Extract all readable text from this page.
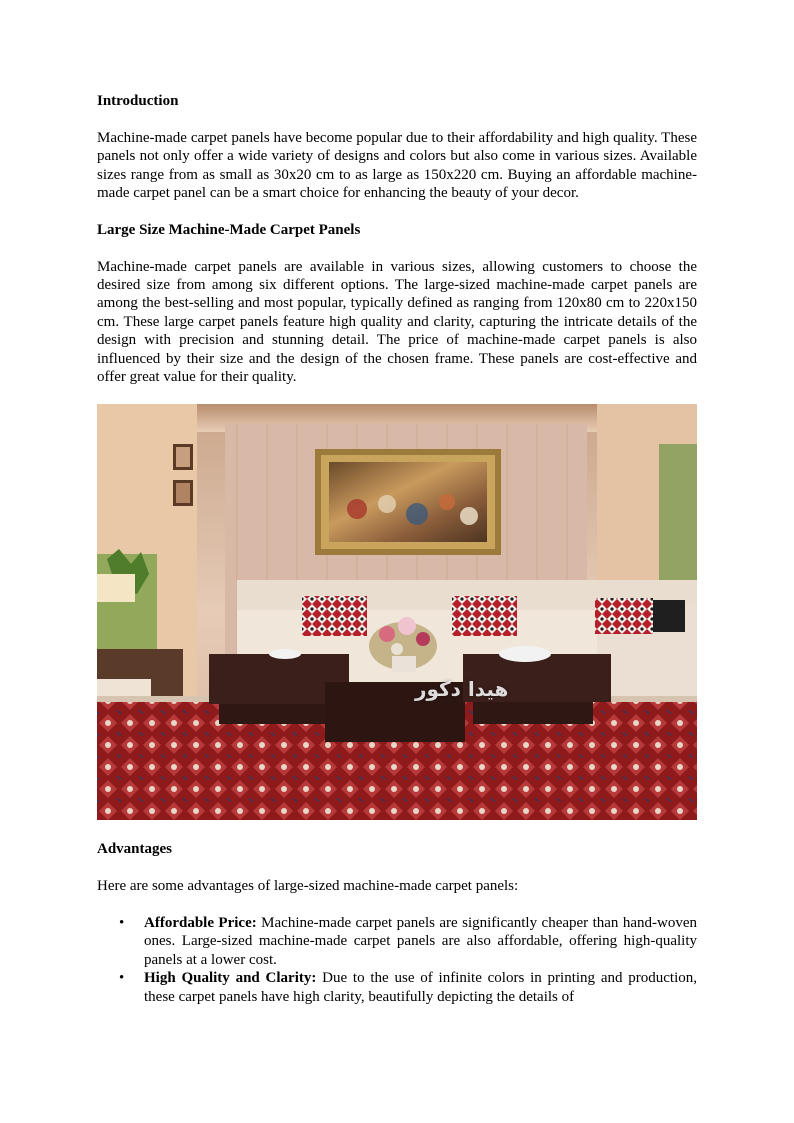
Introduction

Machine-made carpet panels have become popular due to their affordability and high quality. These panels not only offer a wide variety of designs and colors but also come in various sizes. Available sizes range from as small as 30x20 cm to as large as 150x220 cm. Buying an affordable machine-made carpet panel can be a smart choice for enhancing the beauty of your decor.

Large Size Machine-Made Carpet Panels

Machine-made carpet panels are available in various sizes, allowing customers to choose the desired size from among six different options. The large-sized machine-made carpet panels are among the best-selling and most popular, typically defined as ranging from 120x80 cm to 220x150 cm. These large carpet panels feature high quality and clarity, capturing the intricate details of the design with precision and stunning detail. The price of machine-made carpet panels is also influenced by their size and the design of the chosen frame. These panels are cost-effective and offer great value for their quality.

هیدا دکور
Advantages

Here are some advantages of large-sized machine-made carpet panels:

• Affordable Price: Machine-made carpet panels are significantly cheaper than hand-woven ones. Large-sized machine-made carpet panels are also affordable, offering high-quality panels at a lower cost.
• High Quality and Clarity: Due to the use of infinite colors in printing and production, these carpet panels have high clarity, beautifully depicting the details of
